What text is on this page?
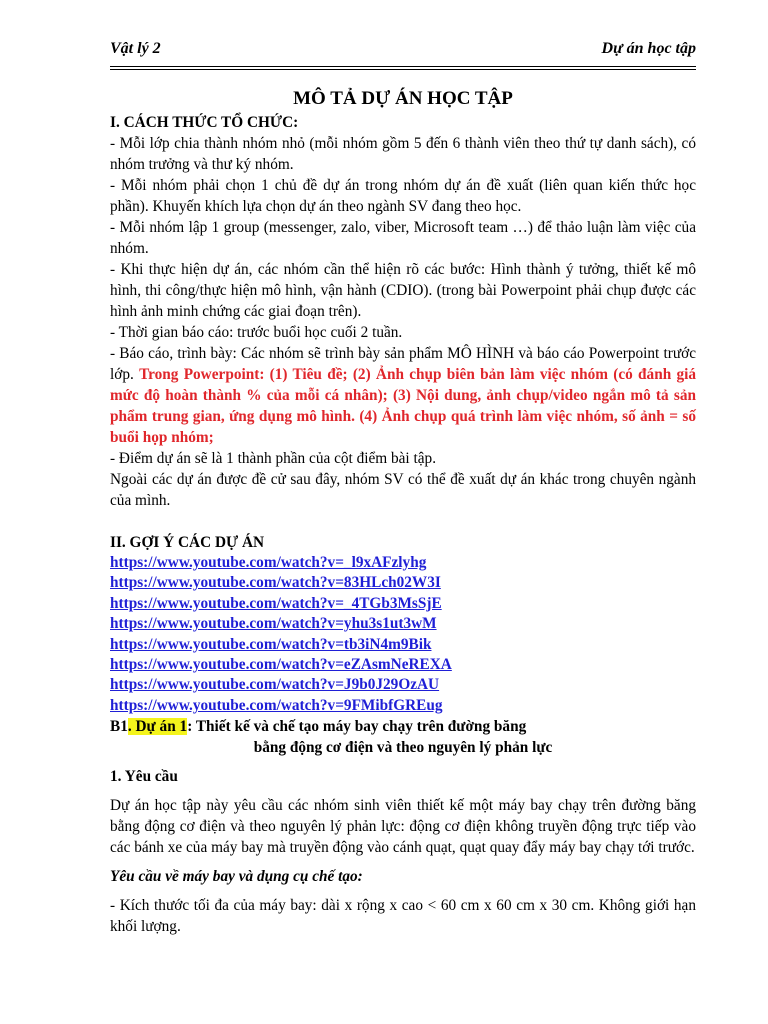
Vật lý 2	Dự án học tập

MÔ TẢ DỰ ÁN HỌC TẬP

I. CÁCH THỨC TỔ CHỨC:

- Mỗi lớp chia thành nhóm nhỏ (mỗi nhóm gồm 5 đến 6 thành viên theo thứ tự danh sách), có nhóm trưởng và thư ký nhóm.

- Mỗi nhóm phải chọn 1 chủ đề dự án trong nhóm dự án đề xuất (liên quan kiến thức học phần). Khuyến khích lựa chọn dự án theo ngành SV đang theo học.

- Mỗi nhóm lập 1 group (messenger, zalo, viber, Microsoft team …) để thảo luận làm việc của nhóm.

- Khi thực hiện dự án, các nhóm cần thể hiện rõ các bước: Hình thành ý tưởng, thiết kế mô hình, thi công/thực hiện mô hình, vận hành (CDIO). (trong bài Powerpoint phải chụp được các hình ảnh minh chứng các giai đoạn trên).

- Thời gian báo cáo: trước buổi học cuối 2 tuần.

- Báo cáo, trình bày: Các nhóm sẽ trình bày sản phẩm MÔ HÌNH và báo cáo Powerpoint trước lớp. Trong Powerpoint: (1) Tiêu đề; (2) Ảnh chụp biên bản làm việc nhóm (có đánh giá mức độ hoàn thành % của mỗi cá nhân); (3) Nội dung, ảnh chụp/video ngắn mô tả sản phẩm trung gian, ứng dụng mô hình. (4) Ảnh chụp quá trình làm việc nhóm, số ảnh = số buổi họp nhóm;

- Điểm dự án sẽ là 1 thành phần của cột điểm bài tập.

Ngoài các dự án được đề cử sau đây, nhóm SV có thể đề xuất dự án khác trong chuyên ngành của mình.

II. GỢI Ý CÁC DỰ ÁN

https://www.youtube.com/watch?v=_l9xAFzlyhg
https://www.youtube.com/watch?v=83HLch02W3I
https://www.youtube.com/watch?v=_4TGb3MsSjE
https://www.youtube.com/watch?v=yhu3s1ut3wM
https://www.youtube.com/watch?v=tb3iN4m9Bik
https://www.youtube.com/watch?v=eZAsmNeREXA
https://www.youtube.com/watch?v=J9b0J29OzAU
https://www.youtube.com/watch?v=9FMibfGREug

B1. Dự án 1: Thiết kế và chế tạo máy bay chạy trên đường băng

bằng động cơ điện và theo nguyên lý phản lực

1. Yêu cầu

Dự án học tập này yêu cầu các nhóm sinh viên thiết kế một máy bay chạy trên đường băng bằng động cơ điện và theo nguyên lý phản lực: động cơ điện không truyền động trực tiếp vào các bánh xe của máy bay mà truyền động vào cánh quạt, quạt quay đẩy máy bay chạy tới trước.

Yêu cầu về máy bay và dụng cụ chế tạo:

- Kích thước tối đa của máy bay: dài x rộng x cao < 60 cm x 60 cm x 30 cm. Không giới hạn khối lượng.
